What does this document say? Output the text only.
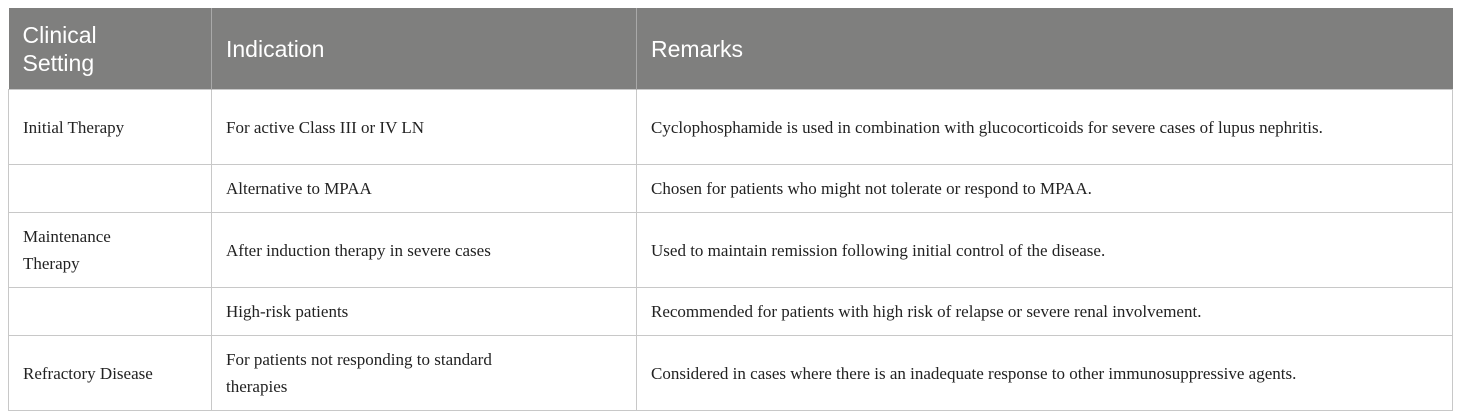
Clinical Setting	Indication	Remarks

Initial Therapy	For active Class III or IV LN	Cyclophosphamide is used in combination with glucocorticoids for severe cases of lupus nephritis.

	Alternative to MPAA	Chosen for patients who might not tolerate or respond to MPAA.

Maintenance Therapy	After induction therapy in severe cases	Used to maintain remission following initial control of the disease.

	High-risk patients	Recommended for patients with high risk of relapse or severe renal involvement.

Refractory Disease	For patients not responding to standard therapies	Considered in cases where there is an inadequate response to other immunosuppressive agents.
